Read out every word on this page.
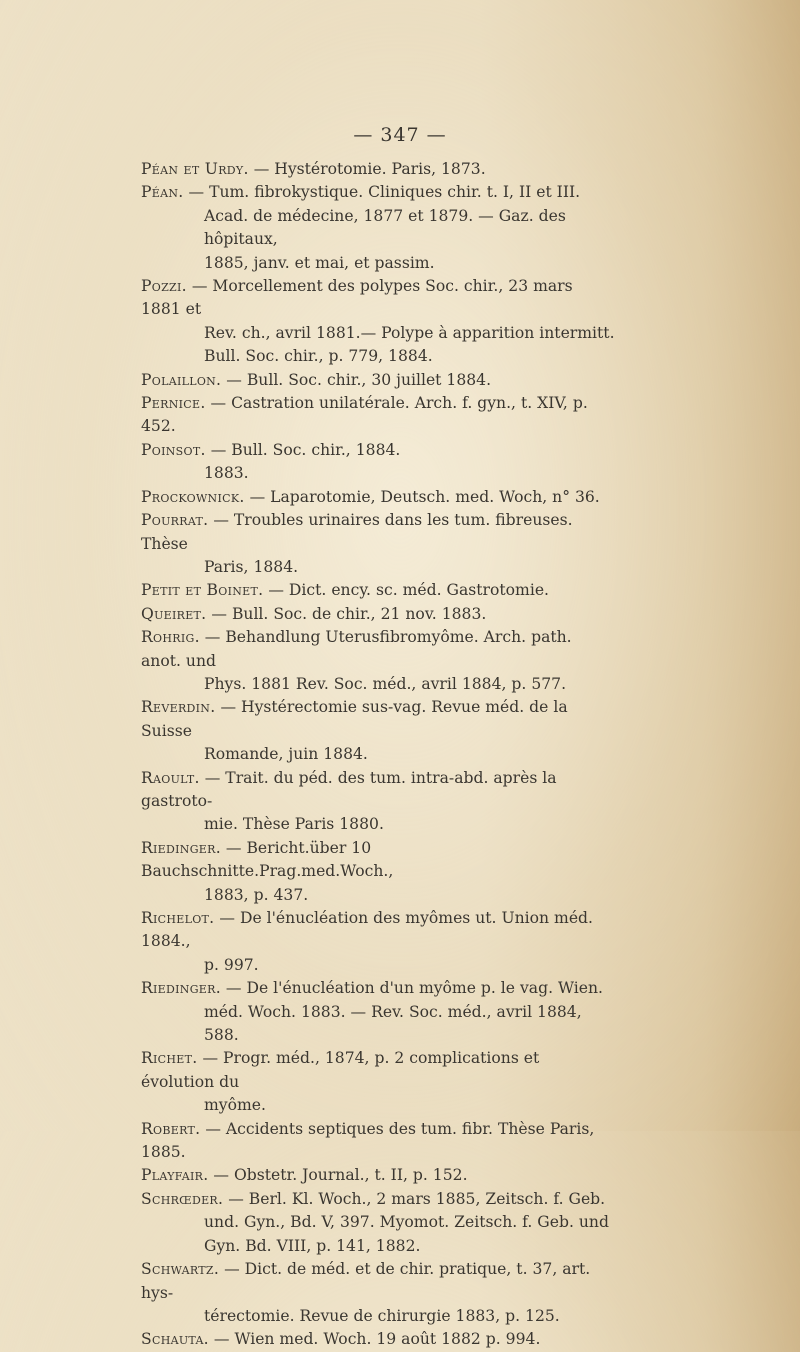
— 347 —
Péan et Urdy. — Hystérotomie. Paris, 1873.
Péan. — Tum. fibrokystique. Cliniques chir. t. I, II et III.
Acad. de médecine, 1877 et 1879. — Gaz. des hôpitaux,
1885, janv. et mai, et passim.
Pozzi. — Morcellement des polypes Soc. chir., 23 mars 1881 et
Rev. ch., avril 1881.— Polype à apparition intermitt.
Bull. Soc. chir., p. 779, 1884.
Polaillon. — Bull. Soc. chir., 30 juillet 1884.
Pernice. — Castration unilatérale. Arch. f. gyn., t. XIV, p. 452.
Poinsot. — Bull. Soc. chir., 1884.
1883.
Prockownick. — Laparotomie, Deutsch. med. Woch, n° 36.
Pourrat. — Troubles urinaires dans les tum. fibreuses. Thèse
Paris, 1884.
Petit et Boinet. — Dict. ency. sc. méd. Gastrotomie.
Queiret. — Bull. Soc. de chir., 21 nov. 1883.
Rohrig. — Behandlung Uterusfibromyôme. Arch. path. anot. und
Phys. 1881 Rev. Soc. méd., avril 1884, p. 577.
Reverdin. — Hystérectomie sus-vag. Revue méd. de la Suisse
Romande, juin 1884.
Raoult. — Trait. du péd. des tum. intra-abd. après la gastroto-
mie. Thèse Paris 1880.
Riedinger. — Bericht.über 10 Bauchschnitte.Prag.med.Woch.,
1883, p. 437.
Richelot. — De l'énucléation des myômes ut. Union méd. 1884.,
p. 997.
Riedinger. — De l'énucléation d'un myôme p. le vag. Wien.
méd. Woch. 1883. — Rev. Soc. méd., avril 1884, 588.
Richet. — Progr. méd., 1874, p. 2 complications et évolution du
myôme.
Robert. — Accidents septiques des tum. fibr. Thèse Paris, 1885.
Playfair. — Obstetr. Journal., t. II, p. 152.
Schrœder. — Berl. Kl. Woch., 2 mars 1885, Zeitsch. f. Geb.
und. Gyn., Bd. V, 397. Myomot. Zeitsch. f. Geb. und
Gyn. Bd. VIII, p. 141, 1882.
Schwartz. — Dict. de méd. et de chir. pratique, t. 37, art. hys-
térectomie. Revue de chirurgie 1883, p. 125.
Schauta. — Wien med. Woch. 19 août 1882 p. 994.
